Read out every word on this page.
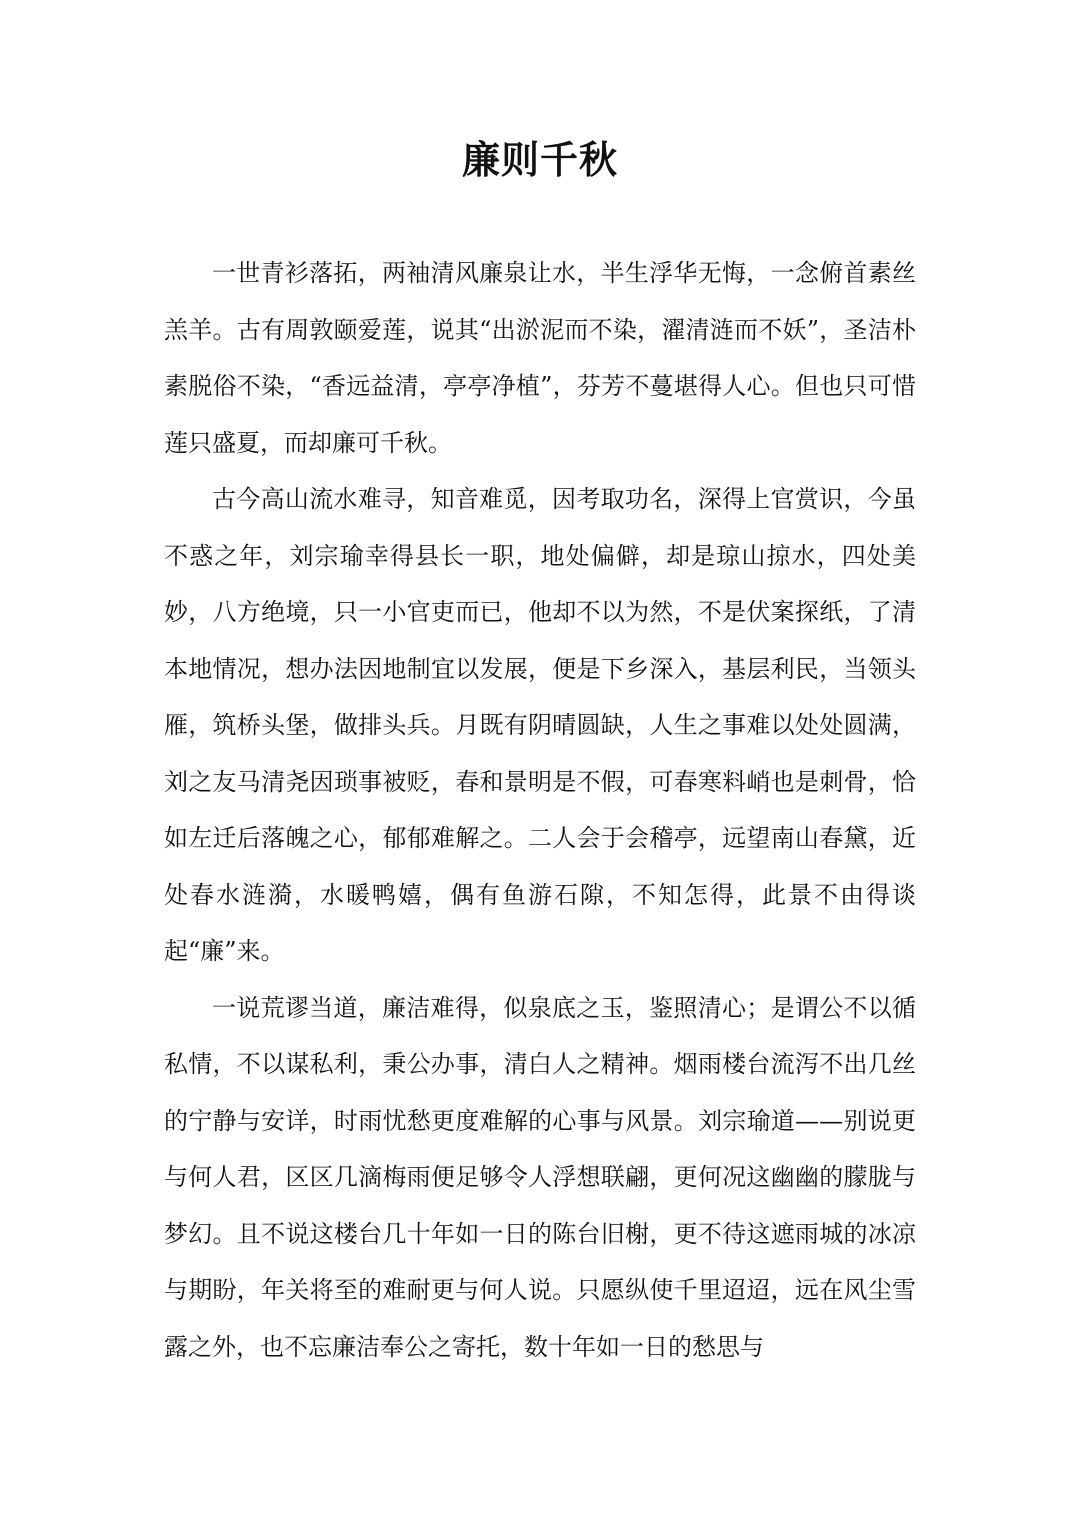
廉则千秋

一世青衫落拓，两袖清风廉泉让水，半生浮华无悔，一念俯首素丝羔羊。古有周敦颐爱莲，说其“出淤泥而不染，濯清涟而不妖”，圣洁朴素脱俗不染，“香远益清，亭亭净植”，芬芳不蔓堪得人心。但也只可惜莲只盛夏，而却廉可千秋。

古今高山流水难寻，知音难觅，因考取功名，深得上官赏识，今虽不惑之年，刘宗瑜幸得县长一职，地处偏僻，却是琼山掠水，四处美妙，八方绝境，只一小官吏而已，他却不以为然，不是伏案探纸，了清本地情况，想办法因地制宜以发展，便是下乡深入，基层利民，当领头雁，筑桥头堡，做排头兵。月既有阴晴圆缺，人生之事难以处处圆满，刘之友马清尧因琐事被贬，春和景明是不假，可春寒料峭也是刺骨，恰如左迁后落魄之心，郁郁难解之。二人会于会稽亭，远望南山春黛，近处春水涟漪，水暖鸭嬉，偶有鱼游石隙，不知怎得，此景不由得谈起“廉”来。

一说荒谬当道，廉洁难得，似泉底之玉，鉴照清心；是谓公不以循私情，不以谋私利，秉公办事，清白人之精神。烟雨楼台流泻不出几丝的宁静与安详，时雨忧愁更度难解的心事与风景。刘宗瑜道——别说更与何人君，区区几滴梅雨便足够令人浮想联翩，更何况这幽幽的朦胧与梦幻。且不说这楼台几十年如一日的陈台旧榭，更不待这遮雨城的冰凉与期盼，年关将至的难耐更与何人说。只愿纵使千里迢迢，远在风尘雪露之外，也不忘廉洁奉公之寄托，数十年如一日的愁思与
